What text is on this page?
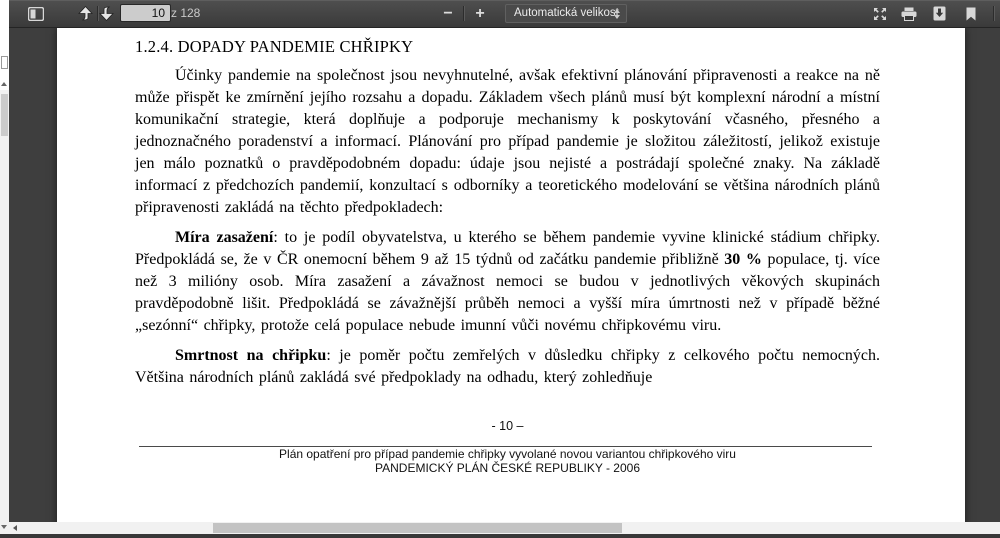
10
z 128	− +	Automatická velikost
1.2.4. DOPADY PANDEMIE CHŘIPKY

Účinky pandemie na společnost jsou nevyhnutelné, avšak efektivní plánování připravenosti a reakce na ně může přispět ke zmírnění jejího rozsahu a dopadu. Základem všech plánů musí být komplexní národní a místní komunikační strategie, která doplňuje a podporuje mechanismy k poskytování včasného, přesného a jednoznačného poradenství a informací. Plánování pro případ pandemie je složitou záležitostí, jelikož existuje jen málo poznatků o pravděpodobném dopadu: údaje jsou nejisté a postrádají společné znaky. Na základě informací z předchozích pandemií, konzultací s odborníky a teoretického modelování se většina národních plánů připravenosti zakládá na těchto předpokladech:

Míra zasažení: to je podíl obyvatelstva, u kterého se během pandemie vyvine klinické stádium chřipky. Předpokládá se, že v ČR onemocní během 9 až 15 týdnů od začátku pandemie přibližně 30 % populace, tj. více než 3 milióny osob. Míra zasažení a závažnost nemoci se budou v jednotlivých věkových skupinách pravděpodobně lišit. Předpokládá se závažnější průběh nemoci a vyšší míra úmrtnosti než v případě běžné „sezónní“ chřipky, protože celá populace nebude imunní vůči novému chřipkovému viru.

Smrtnost na chřipku: je poměr počtu zemřelých v důsledku chřipky z celkového počtu nemocných. Většina národních plánů zakládá své předpoklady na odhadu, který zohledňuje

- 10 –
Plán opatření pro případ pandemie chřipky vyvolané novou variantou chřipkového viru
PANDEMICKÝ PLÁN ČESKÉ REPUBLIKY - 2006
